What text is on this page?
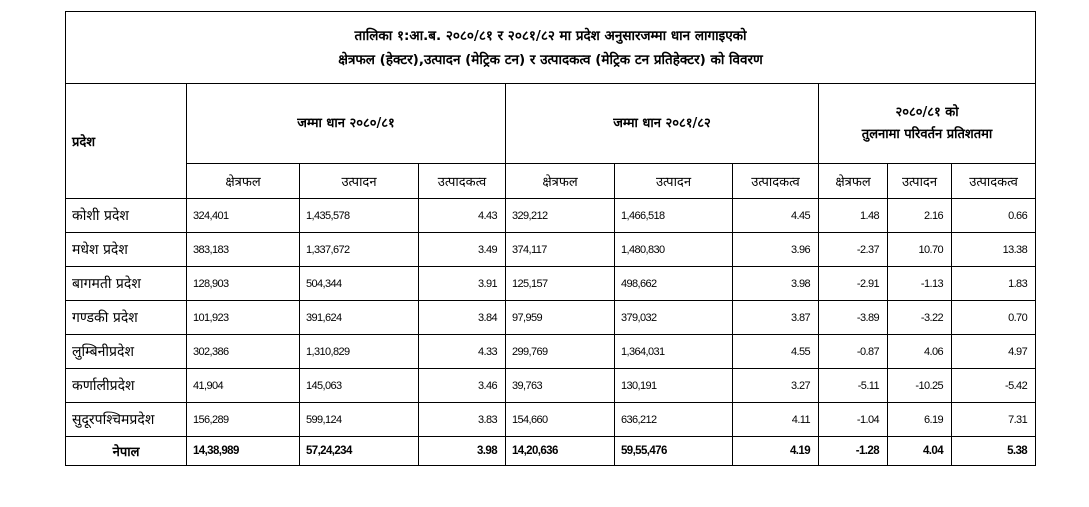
तालिका १:आ.ब. २०८०/८१ र २०८१/८२ मा प्रदेश अनुसारजम्मा धान लागाइएको
क्षेत्रफल (हेक्टर),उत्पादन (मेट्रिक टन) र उत्पादकत्व (मेट्रिक टन प्रतिहेक्टर) को विवरण									

प्रदेश	जम्मा धान २०८०/८१			जम्मा धान २०८१/८२			२०८०/८१ को
तुलनामा परिवर्तन प्रतिशतमा		

	क्षेत्रफल	उत्पादन	उत्पादकत्व	क्षेत्रफल	उत्पादन	उत्पादकत्व	क्षेत्रफल	उत्पादन	उत्पादकत्व
कोशी प्रदेश	324,401	1,435,578	4.43	329,212	1,466,518	4.45	1.48	2.16	0.66
मधेश प्रदेश	383,183	1,337,672	3.49	374,117	1,480,830	3.96	-2.37	10.70	13.38
बागमती प्रदेश	128,903	504,344	3.91	125,157	498,662	3.98	-2.91	-1.13	1.83
गण्डकी प्रदेश	101,923	391,624	3.84	97,959	379,032	3.87	-3.89	-3.22	0.70
लुम्बिनीप्रदेश	302,386	1,310,829	4.33	299,769	1,364,031	4.55	-0.87	4.06	4.97
कर्णालीप्रदेश	41,904	145,063	3.46	39,763	130,191	3.27	-5.11	-10.25	-5.42
सुदूरपश्चिमप्रदेश	156,289	599,124	3.83	154,660	636,212	4.11	-1.04	6.19	7.31
नेपाल	14,38,989	57,24,234	3.98	14,20,636	59,55,476	4.19	-1.28	4.04	5.38
